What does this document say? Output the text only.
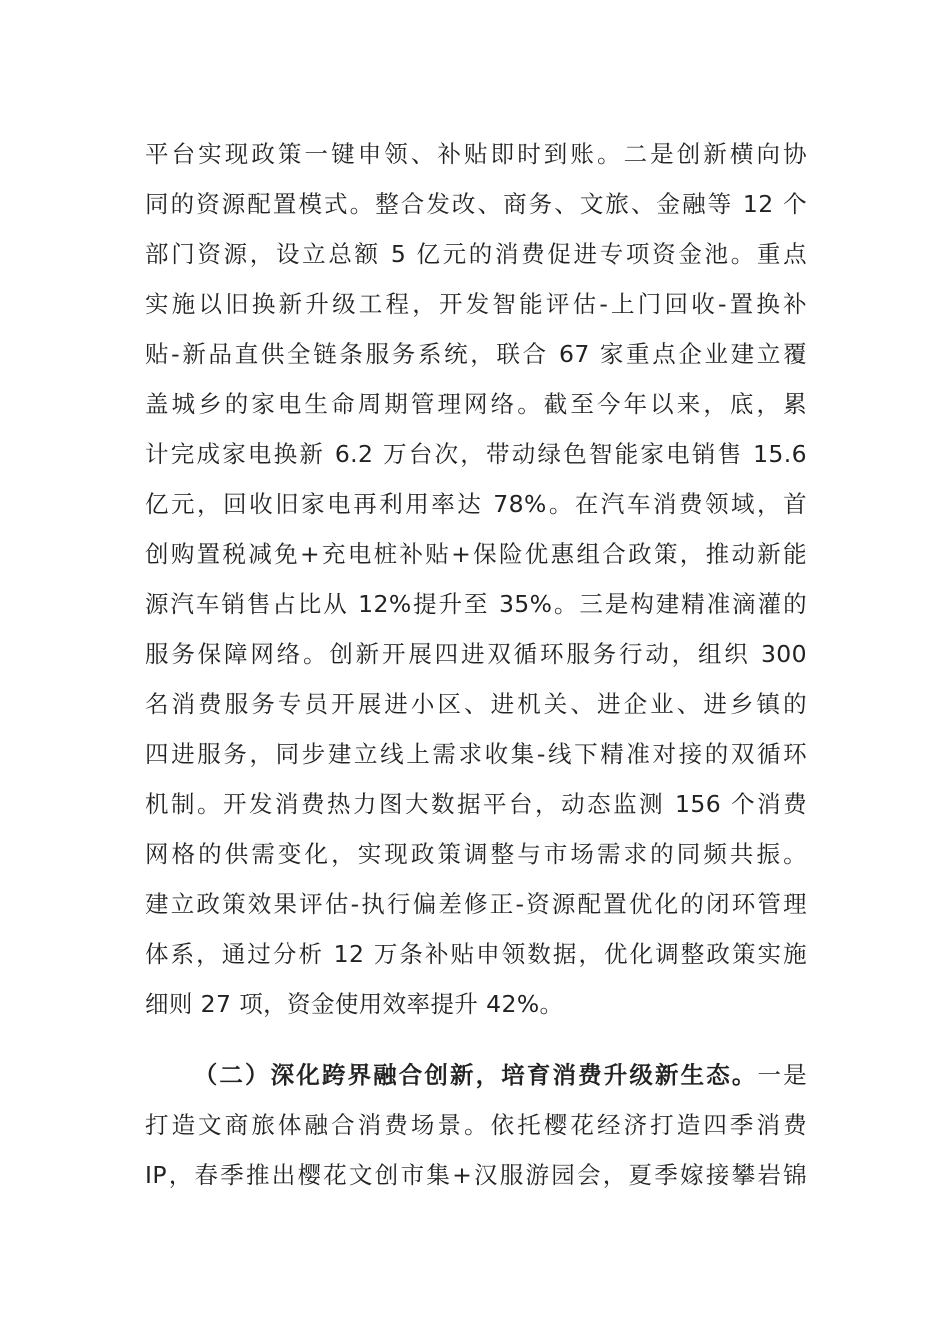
平台实现政策一键申领、补贴即时到账。二是创新横向协
同的资源配置模式。整合发改、商务、文旅、金融等 12 个
部门资源，设立总额 5 亿元的消费促进专项资金池。重点
实施以旧换新升级工程，开发智能评估-上门回收-置换补
贴-新品直供全链条服务系统，联合 67 家重点企业建立覆
盖城乡的家电生命周期管理网络。截至今年以来，底，累
计完成家电换新 6.2 万台次，带动绿色智能家电销售 15.6
亿元，回收旧家电再利用率达 78%。在汽车消费领域，首
创购置税减免+充电桩补贴+保险优惠组合政策，推动新能
源汽车销售占比从 12%提升至 35%。三是构建精准滴灌的
服务保障网络。创新开展四进双循环服务行动，组织 300
名消费服务专员开展进小区、进机关、进企业、进乡镇的
四进服务，同步建立线上需求收集-线下精准对接的双循环
机制。开发消费热力图大数据平台，动态监测 156 个消费
网格的供需变化，实现政策调整与市场需求的同频共振。
建立政策效果评估-执行偏差修正-资源配置优化的闭环管理
体系，通过分析 12 万条补贴申领数据，优化调整政策实施
细则 27 项，资金使用效率提升 42%。
（二）深化跨界融合创新，培育消费升级新生态。一是
打造文商旅体融合消费场景。依托樱花经济打造四季消费
IP，春季推出樱花文创市集+汉服游园会，夏季嫁接攀岩锦
